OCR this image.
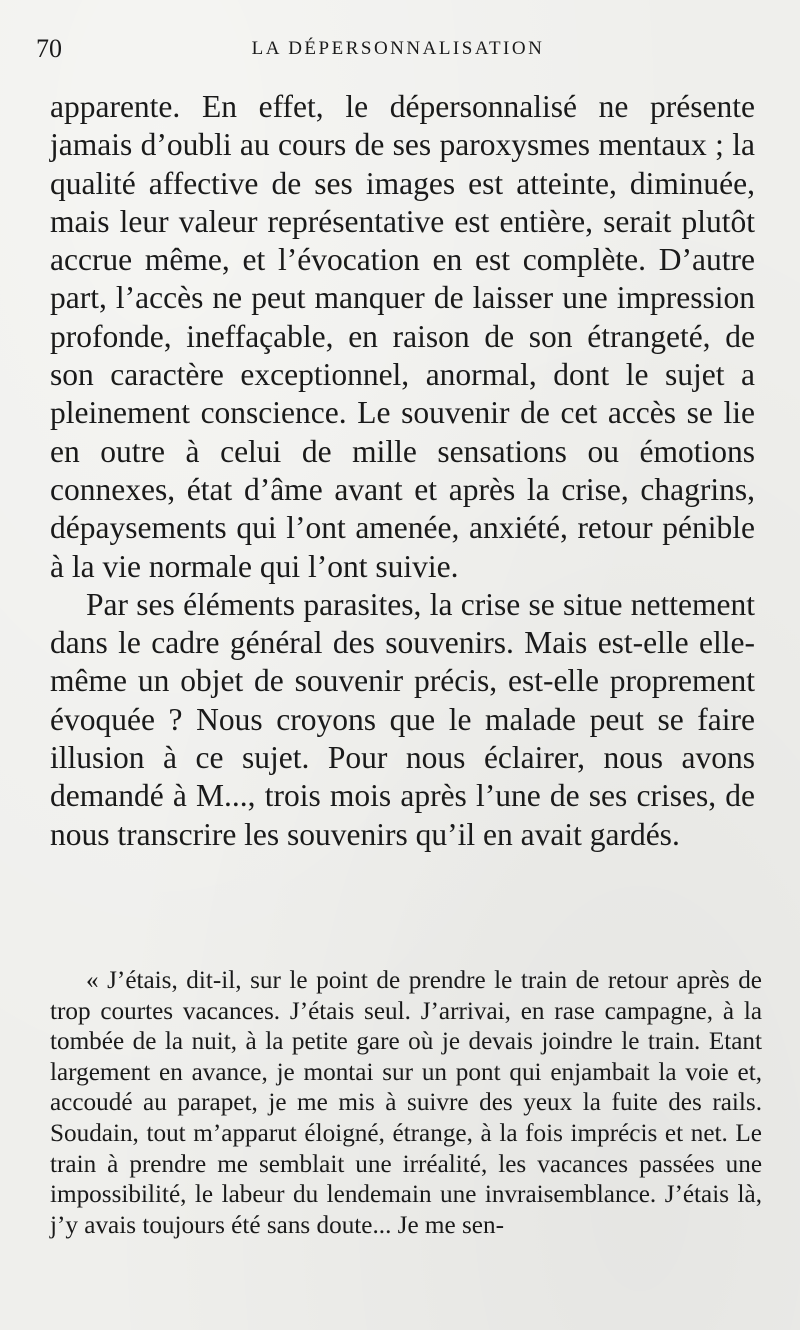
70	LA DÉPERSONNALISATION

apparente. En effet, le dépersonnalisé ne présente jamais d’oubli au cours de ses paroxysmes mentaux ; la qualité affective de ses images est atteinte, diminuée, mais leur valeur représentative est entière, serait plutôt accrue même, et l’évocation en est complète. D’autre part, l’accès ne peut manquer de laisser une impression profonde, ineffaçable, en raison de son étrangeté, de son caractère exceptionnel, anormal, dont le sujet a pleinement conscience. Le souvenir de cet accès se lie en outre à celui de mille sensations ou émotions connexes, état d’âme avant et après la crise, chagrins, dépaysements qui l’ont amenée, anxiété, retour pénible à la vie normale qui l’ont suivie.

Par ses éléments parasites, la crise se situe nettement dans le cadre général des souvenirs. Mais est-elle elle-même un objet de souvenir précis, est-elle proprement évoquée ? Nous croyons que le malade peut se faire illusion à ce sujet. Pour nous éclairer, nous avons demandé à M..., trois mois après l’une de ses crises, de nous transcrire les souvenirs qu’il en avait gardés.

« J’étais, dit-il, sur le point de prendre le train de retour après de trop courtes vacances. J’étais seul. J’arrivai, en rase campagne, à la tombée de la nuit, à la petite gare où je devais joindre le train. Etant largement en avance, je montai sur un pont qui enjambait la voie et, accoudé au parapet, je me mis à suivre des yeux la fuite des rails. Soudain, tout m’apparut éloigné, étrange, à la fois imprécis et net. Le train à prendre me semblait une irréalité, les vacances passées une impossibilité, le labeur du lendemain une invraisemblance. J’étais là, j’y avais toujours été sans doute... Je me sen-
